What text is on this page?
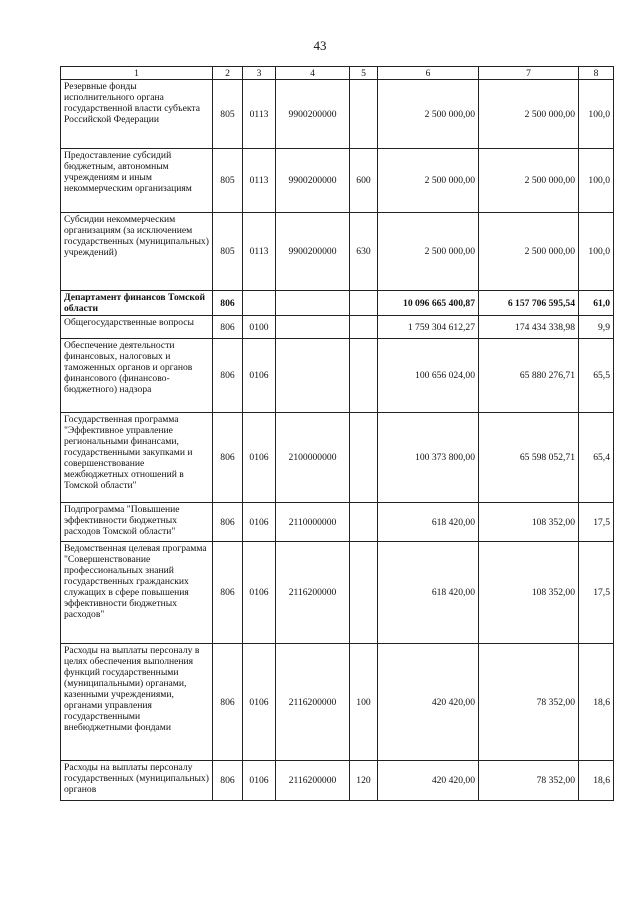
43
1	2	3	4	5	6	7	8
Резервные фонды исполнительного органа государственной власти субъекта Российской Федерации	805	0113	9900200000		2 500 000,00	2 500 000,00	100,0
Предоставление субсидий бюджетным, автономным учреждениям и иным некоммерческим организациям	805	0113	9900200000	600	2 500 000,00	2 500 000,00	100,0
Субсидии некоммерческим организациям (за исключением государственных (муниципальных) учреждений)	805	0113	9900200000	630	2 500 000,00	2 500 000,00	100,0
Департамент финансов Томской области	806				10 096 665 400,87	6 157 706 595,54	61,0
Общегосударственные вопросы	806	0100			1 759 304 612,27	174 434 338,98	9,9
Обеспечение деятельности финансовых, налоговых и таможенных органов и органов финансового (финансово-бюджетного) надзора	806	0106			100 656 024,00	65 880 276,71	65,5
Государственная программа "Эффективное управление региональными финансами, государственными закупками и совершенствование межбюджетных отношений в Томской области"	806	0106	2100000000		100 373 800,00	65 598 052,71	65,4
Подпрограмма "Повышение эффективности бюджетных расходов Томской области"	806	0106	2110000000		618 420,00	108 352,00	17,5
Ведомственная целевая программа "Совершенствование профессиональных знаний государственных гражданских служащих в сфере повышения эффективности бюджетных расходов"	806	0106	2116200000		618 420,00	108 352,00	17,5
Расходы на выплаты персоналу в целях обеспечения выполнения функций государственными (муниципальными) органами, казенными учреждениями, органами управления государственными внебюджетными фондами	806	0106	2116200000	100	420 420,00	78 352,00	18,6
Расходы на выплаты персоналу государственных (муниципальных) органов	806	0106	2116200000	120	420 420,00	78 352,00	18,6
